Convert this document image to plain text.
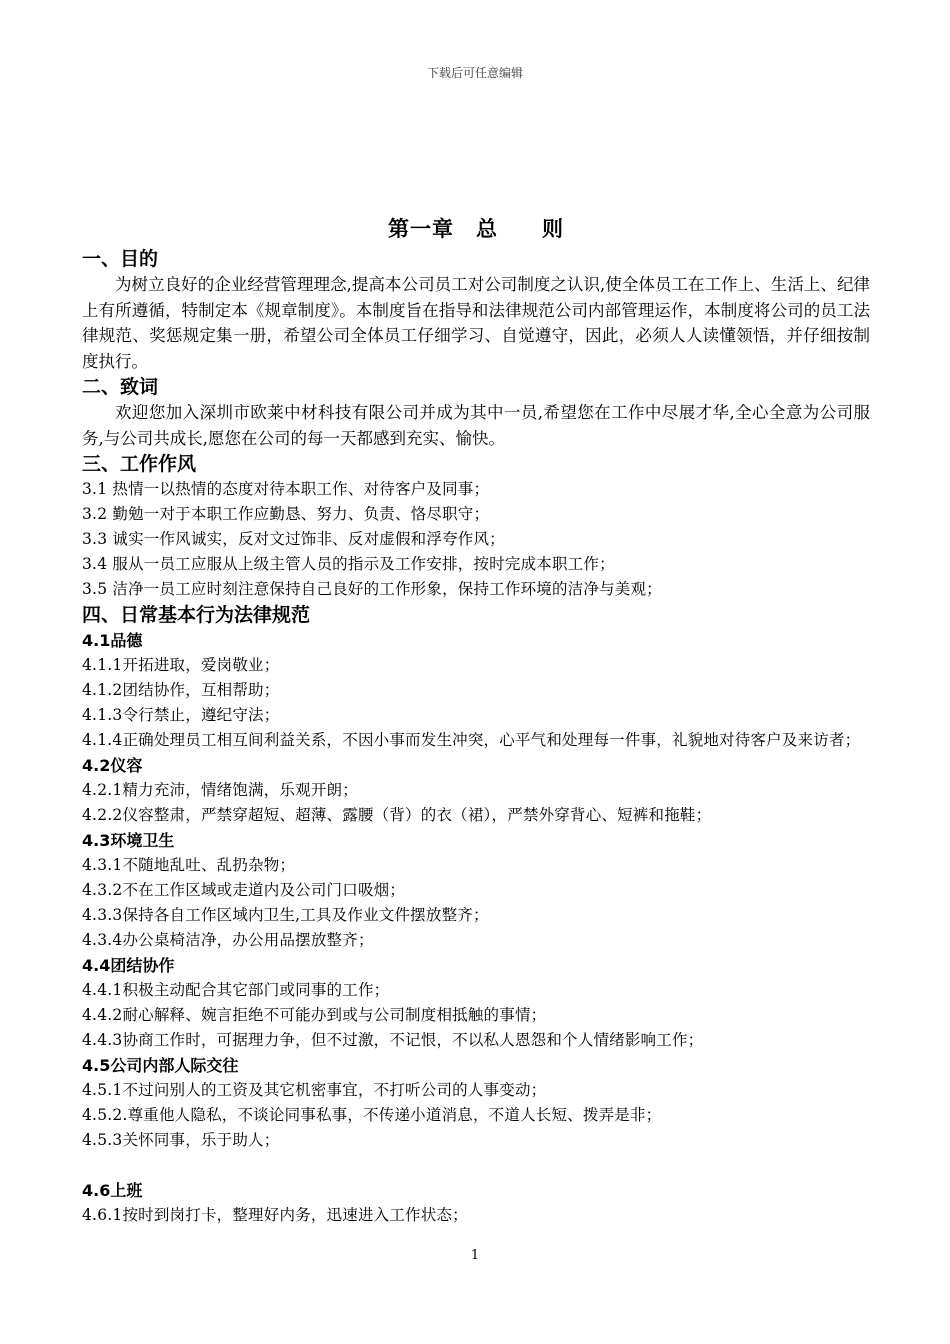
下载后可任意编辑
第一章　总　　则
一、目的
为树立良好的企业经营管理理念,提高本公司员工对公司制度之认识,使全体员工在工作上、生活上、纪律上有所遵循，特制定本《规章制度》。本制度旨在指导和法律规范公司内部管理运作，本制度将公司的员工法律规范、奖惩规定集一册，希望公司全体员工仔细学习、自觉遵守，因此，必须人人读懂领悟，并仔细按制度执行。
二、致词
欢迎您加入深圳市欧莱中材科技有限公司并成为其中一员,希望您在工作中尽展才华,全心全意为公司服务,与公司共成长,愿您在公司的每一天都感到充实、愉快。
三、工作作风
3.1 热情一以热情的态度对待本职工作、对待客户及同事；
3.2 勤勉一对于本职工作应勤恳、努力、负责、恪尽职守；
3.3 诚实一作风诚实，反对文过饰非、反对虚假和浮夸作风；
3.4 服从一员工应服从上级主管人员的指示及工作安排，按时完成本职工作；
3.5 洁净一员工应时刻注意保持自己良好的工作形象，保持工作环境的洁净与美观；
四、日常基本行为法律规范
4.1品德
4.1.1开拓进取，爱岗敬业；
4.1.2团结协作，互相帮助；
4.1.3令行禁止，遵纪守法；
4.1.4正确处理员工相互间利益关系，不因小事而发生冲突，心平气和处理每一件事，礼貌地对待客户及来访者；
4.2仪容
4.2.1精力充沛，情绪饱满，乐观开朗；
4.2.2仪容整肃，严禁穿超短、超薄、露腰（背）的衣（裙），严禁外穿背心、短裤和拖鞋；
4.3环境卫生
4.3.1不随地乱吐、乱扔杂物；
4.3.2不在工作区域或走道内及公司门口吸烟；
4.3.3保持各自工作区域内卫生,工具及作业文件摆放整齐；
4.3.4办公桌椅洁净，办公用品摆放整齐；
4.4团结协作
4.4.1积极主动配合其它部门或同事的工作；
4.4.2耐心解释、婉言拒绝不可能办到或与公司制度相抵触的事情；
4.4.3协商工作时，可据理力争，但不过激，不记恨，不以私人恩怨和个人情绪影响工作；
4.5公司内部人际交往
4.5.1不过问别人的工资及其它机密事宜，不打听公司的人事变动；
4.5.2.尊重他人隐私，不谈论同事私事，不传递小道消息，不道人长短、拨弄是非；
4.5.3关怀同事，乐于助人；
4.6上班
4.6.1按时到岗打卡，整理好内务，迅速进入工作状态；
1
